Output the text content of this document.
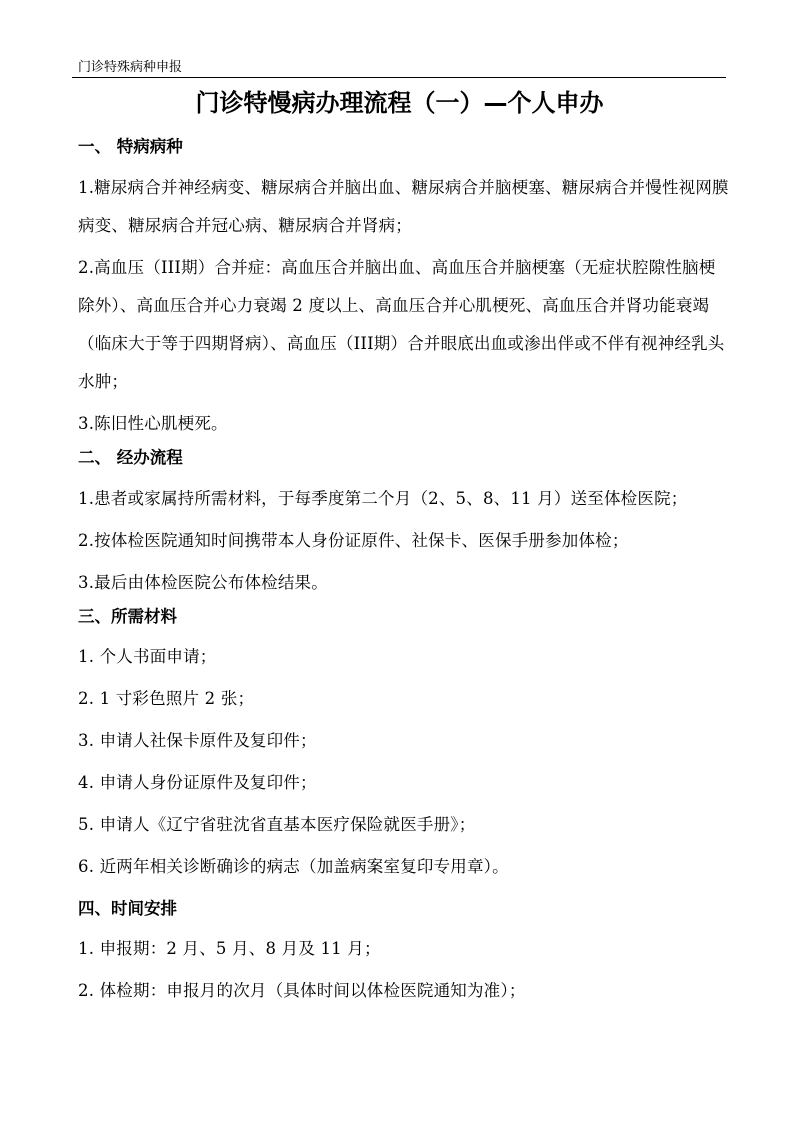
门诊特殊病种申报
门诊特慢病办理流程（一）—个人申办
一、 特病病种

1.糖尿病合并神经病变、糖尿病合并脑出血、糖尿病合并脑梗塞、糖尿病合并慢性视网膜病变、糖尿病合并冠心病、糖尿病合并肾病；

2.高血压（III期）合并症：高血压合并脑出血、高血压合并脑梗塞（无症状腔隙性脑梗除外）、高血压合并心力衰竭 2 度以上、高血压合并心肌梗死、高血压合并肾功能衰竭（临床大于等于四期肾病）、高血压（III期）合并眼底出血或渗出伴或不伴有视神经乳头水肿；

3.陈旧性心肌梗死。

二、 经办流程

1.患者或家属持所需材料，于每季度第二个月（2、5、8、11 月）送至体检医院；

2.按体检医院通知时间携带本人身份证原件、社保卡、医保手册参加体检；

3.最后由体检医院公布体检结果。

三、所需材料
1. 个人书面申请；
2. 1 寸彩色照片 2 张；
3. 申请人社保卡原件及复印件；
4. 申请人身份证原件及复印件；
5. 申请人《辽宁省驻沈省直基本医疗保险就医手册》；
6. 近两年相关诊断确诊的病志（加盖病案室复印专用章）。
四、时间安排
1. 申报期：2 月、5 月、8 月及 11 月；
2. 体检期：申报月的次月（具体时间以体检医院通知为准）；
